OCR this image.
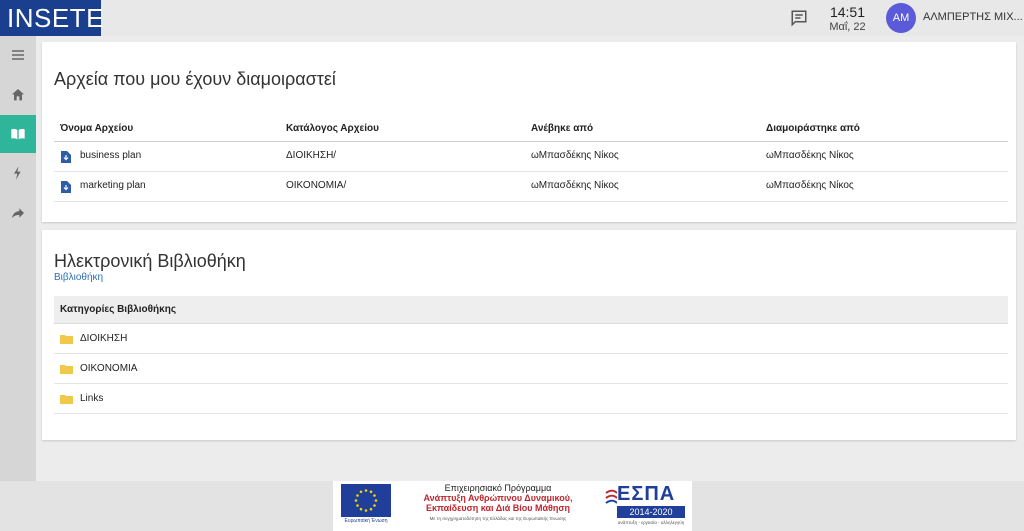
INSETE	14:51
Μαΐ, 22
AM	ΑΛΜΠΕΡΤΗΣ ΜΙΧ...
Αρχεία που μου έχουν διαμοιραστεί
Όνομα Αρχείου	Κατάλογος Αρχείου	Ανέβηκε από	Διαμοιράστηκε από
business plan	ΔΙΟΙΚΗΣΗ/	ωΜπασδέκης Νίκος	ωΜπασδέκης Νίκος
marketing plan	ΟΙΚΟΝΟΜΙΑ/	ωΜπασδέκης Νίκος	ωΜπασδέκης Νίκος
Ηλεκτρονική Βιβλιοθήκη
Βιβλιοθήκη
Κατηγορίες Βιβλιοθήκης
ΔΙΟΙΚΗΣΗ
ΟΙΚΟΝΟΜΙΑ
Links
Ευρωπαϊκή Ένωση
Επιχειρησιακό Πρόγραμμα
Ανάπτυξη Ανθρώπινου Δυναμικού,
Εκπαίδευση και Διά Βίου Μάθηση
Με τη συγχρηματοδότηση της Ελλάδας και της Ευρωπαϊκής Ένωσης
ΕΣΠΑ
2014-2020
ανάπτυξη - εργασία - αλληλεγγύη
